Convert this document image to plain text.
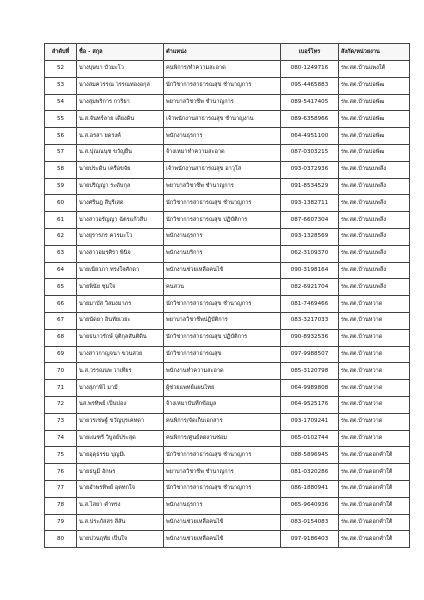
ลำดับที่	ชื่อ - สกุล	ตำแหน่ง	เบอร์โทร	สังกัด/หน่วยงาน
52	นางบุษบา บัวมะโว	คนพิการ/ทำความสะอาด	080-1249716	รพ.สต.บ้านแพงใต้
53	นางสมควรรณ วรรณทองอกุล	นักวิชาการสาธารณสุข ชำนาญการ	095-4465883	รพ.สต.บ้านบ่อพัฒ
54	นางสุมพริการ การิยา	พยาบาลวิชาชีพ ชำนาญการ	089-5417405	รพ.สต.บ้านบ่อพัฒ
55	น.ส.จันทร์ลาย เดียงดิน	เจ้าพนักงานสาธารณสุข ชำนาญงาน	089-6358966	รพ.สต.บ้านบ่อพัฒ
56	น.ส.อรสา ยดรงค์	พนักงานธุรการ	064-4951100	รพ.สต.บ้านบ่อพัฒ
57	น.ส.ปุณณนุช ขวัญยืน	จ้างเหมาทำความสะอาด	087-0303215	รพ.สต.บ้านบ่อพัฒ
58	นายประดิน เครือขจัย	เจ้าพนักงานสาธารณสุข อาวุโส	093-0372936	รพ.สต.บ้านนบพลึง
59	นายปริญญา ระดับกุล	พยาบาลวิชาชีพ ชำนาญการ	091-8534529	รพ.สต.บ้านนบพลึง
60	นางศรีนฎ สีบุรีเสด	นักวิชาการสาธารณสุข ชำนาญการ	093-1382711	รพ.สต.บ้านนบพลึง
61	นางสาวอรัญญา ฉัตรแก้วสีบ	นักวิชาการสาธารณสุข ปฏิบัติการ	087-6607304	รพ.สต.บ้านนบพลึง
62	นางยุรารภร ควรมะโว	พนักงานธุรการ	093-1328569	รพ.สต.บ้านนบพลึง
63	นางสาวอมรศิรา พินิจ	พนักงานบริการ	062-3109370	รพ.สต.บ้านนบพลึง
64	นายเนียวภา ทรงใจศักดา	พนักงานช่วยเหลือคนไข้	090-3198164	รพ.สต.บ้านนบพลึง
65	นายพินัย ชุมใจ	คนสวน	082-6921704	รพ.สต.บ้านนบพลึง
66	นายมาบัส วิสมงมาภร	นักวิชาการสาธารณสุข ชำนาญการ	081-7469466	รพ.สต.บ้านหวาด
67	นายนัดยา อินทัยเวยะ	พยาบาลวิชาชีพปฏิบัติการ	083-3217033	รพ.สต.บ้านหวาด
68	นายธนาวรักษ์ จุติกุลสันติดิน	นักวิชาการสาธารณสุข ปฏิบัติการ	090-8932536	รพ.สต.บ้านหวาด
69	นางสาวกาญจนา ขวนสวย	นักวิชาการสาธารณสุข	097-9988507	รพ.สต.บ้านหวาด
70	น.ส.วรรณนพ วาเทียร	พนักงานทำความสะอาด	085-3120798	รพ.สต.บ้านหวาด
71	นางสุภาพิไ มามี	ผู้ช่วยแพทย์แผนไทย	064-9989808	รพ.สต.บ้านหวาด
72	นส.พรทิพย์ เป็นปอง	จ้างเหมาบันทึกข้อมูล	064-9525176	รพ.สต.บ้านหวาด
73	นายวรเชษฐ์ ขวัญบุรเคหดา	คนพิการ/จัดเก็บเอกสาร	093-1709241	รพ.สต.บ้านหวาด
74	นายเณฑรี วิบูลย์ประสุด	คนพิการ/ศูนย์ลดงานซ่อม	065-0102744	รพ.สต.บ้านหวาด
75	นายอุดุธรรม บุญมีเ	นักวิชาการสาธารณสุข ชำนาญการ	088-5896945	รพ.สต.บ้านดอกคำใต้
76	นายธนูมี อักษร	พยาบาลวิชาชีพ ชำนาญการ	081-0320286	รพ.สต.บ้านดอกคำใต้
77	นายอำพรทิพย์ อุตทกใจ	นักวิชาการสาธารณสุข ชำนาญการ	086-1880941	รพ.สต.บ้านดอกคำใต้
78	น.ส.ไสยา คำทรง	พนักงานธุรการ	065-9640936	รพ.สต.บ้านดอกคำใต้
79	น.ส.ประภัสสร ลีสัน	พนักงานช่วยเหลือคนไข้	083-0154083	รพ.สต.บ้านดอกคำใต้
80	นายปวนฤทัย เป็นใจ	พนักงานช่วยเหลือคนไข้	097-9186403	รพ.สต.บ้านดอกคำใต้
